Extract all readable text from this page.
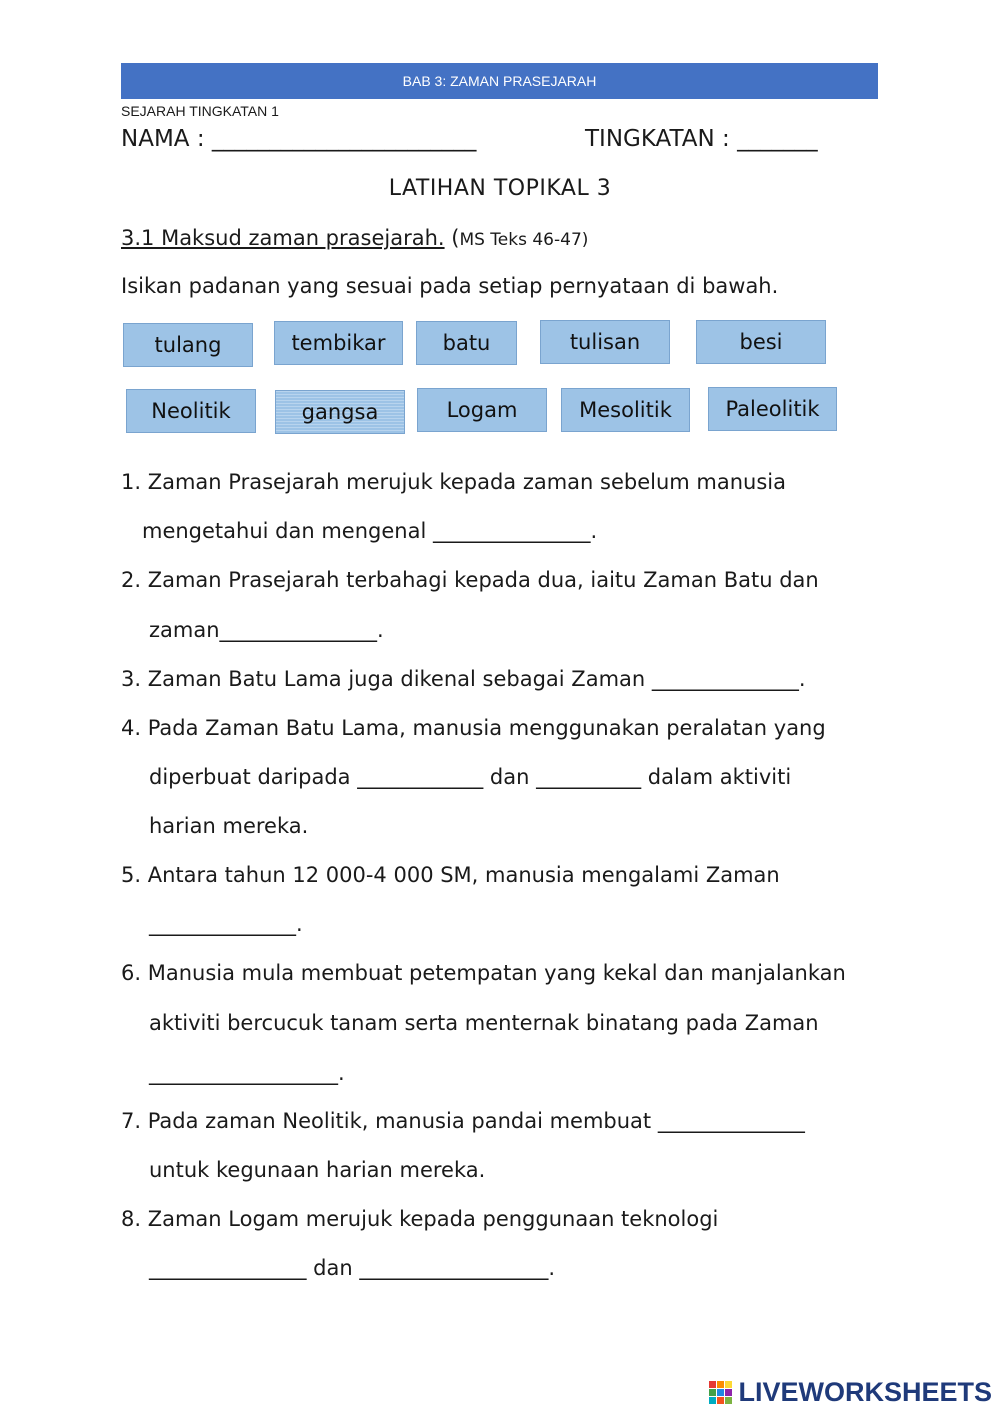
BAB 3: ZAMAN PRASEJARAH
SEJARAH TINGKATAN 1
NAMA : _______________________	TINGKATAN : _______
LATIHAN TOPIKAL 3
3.1 Maksud zaman prasejarah. (MS Teks 46-47)
Isikan padanan yang sesuai pada setiap pernyataan di bawah.
tulang	tembikar	batu	tulisan	besi
Neolitik	gangsa	Logam	Mesolitik	Paleolitik
1. Zaman Prasejarah merujuk kepada zaman sebelum manusia
mengetahui dan mengenal _______________.
2. Zaman Prasejarah terbahagi kepada dua, iaitu Zaman Batu dan
zaman_______________.
3. Zaman Batu Lama juga dikenal sebagai Zaman ______________.
4. Pada Zaman Batu Lama, manusia menggunakan peralatan yang
diperbuat daripada ____________ dan __________ dalam aktiviti
harian mereka.
5. Antara tahun 12 000-4 000 SM, manusia mengalami Zaman
______________.
6. Manusia mula membuat petempatan yang kekal dan manjalankan
aktiviti bercucuk tanam serta menternak binatang pada Zaman
__________________.
7. Pada zaman Neolitik, manusia pandai membuat ______________
untuk kegunaan harian mereka.
8. Zaman Logam merujuk kepada penggunaan teknologi
_______________ dan __________________.
LIVEWORKSHEETS
